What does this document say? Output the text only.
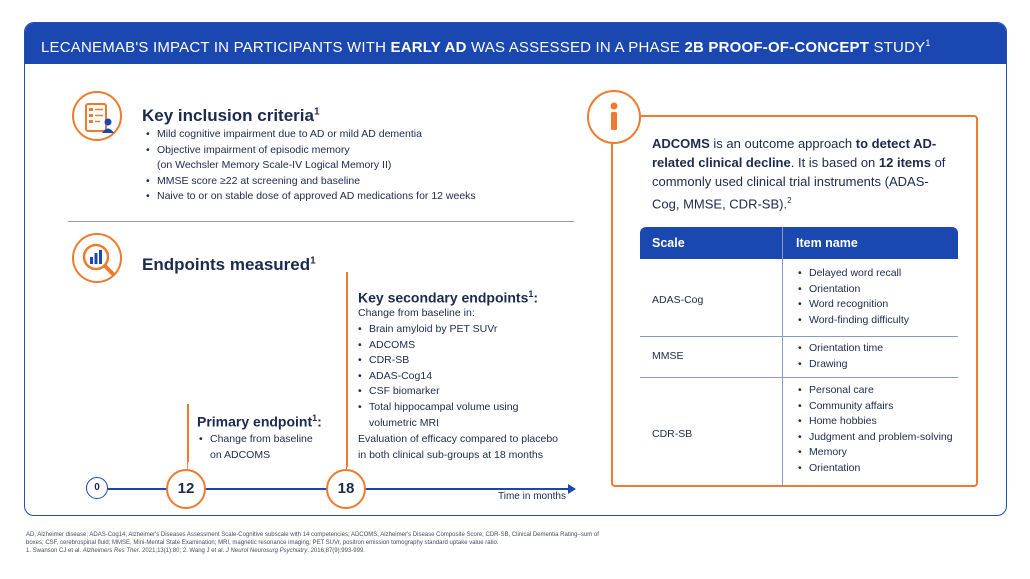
LECANEMAB'S IMPACT IN PARTICIPANTS WITH EARLY AD WAS ASSESSED IN A PHASE 2B PROOF-OF-CONCEPT STUDY$^1$
Key inclusion criteria$^1$
• Mild cognitive impairment due to AD or mild AD dementia
• Objective impairment of episodic memory
(on Wechsler Memory Scale-IV Logical Memory II)
• MMSE score ≥22 at screening and baseline
• Naive to or on stable dose of approved AD medications for 12 weeks
Endpoints measured$^1$
Key secondary endpoints$^1$:
Change from baseline in:
• Brain amyloid by PET SUVr
• ADCOMS
• CDR-SB
• ADAS-Cog14
• CSF biomarker
• Total hippocampal volume using
volumetric MRI
Evaluation of efficacy compared to placebo
in both clinical sub-groups at 18 months
Primary endpoint$^1$:
• Change from baseline
on ADCOMS
0	12	18	Time in months
ADCOMS is an outcome approach to detect AD-related clinical decline. It is based on 12 items of commonly used clinical trial instruments (ADAS-Cog, MMSE, CDR-SB).$^2$
Scale	Item name
ADAS-Cog
• Delayed word recall
• Orientation
• Word recognition
• Word-finding difficulty
MMSE
• Orientation time
• Drawing
CDR-SB
• Personal care
• Community affairs
• Home hobbies
• Judgment and problem-solving
• Memory
• Orientation
AD, Alzheimer disease; ADAS-Cog14, Alzheimer's Diseases Assessment Scale-Cognitive subscale with 14 competencies; ADCOMS, Alzheimer's Disease Composite Score; CDR-SB, Clinical Dementia Rating–sum of
boxes; CSF, cerebrospinal fluid; MMSE, Mini-Mental State Examination; MRI, magnetic resonance imaging; PET SUVr, positron emission tomography standard uptake value ratio.
1. Swanson CJ et al. Alzheimers Res Ther. 2021;13(1):80; 2. Wang J et al. J Neurol Neurosurg Psychiatry. 2016;87(9):993-999.
